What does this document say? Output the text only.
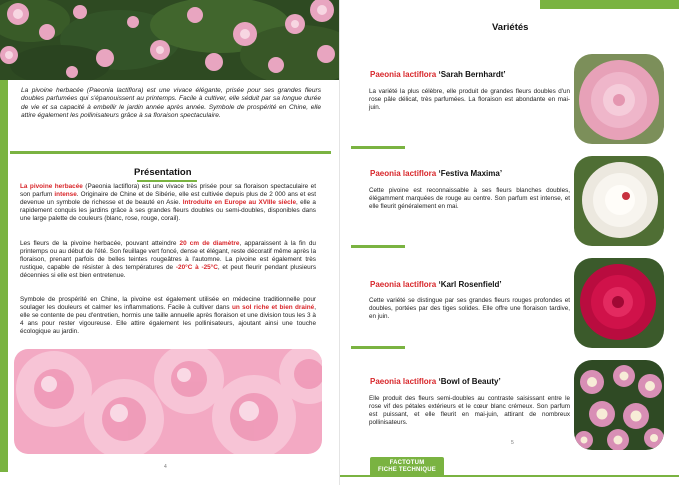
La pivoine herbacée (Paeonia lactiflora) est une vivace élégante, prisée pour ses grandes fleurs doubles parfumées qui s'épanouissent au printemps. Facile à cultiver, elle séduit par sa longue durée de vie et sa capacité à embellir le jardin année après année. Symbole de prospérité en Chine, elle attire également les pollinisateurs grâce à sa floraison spectaculaire.

Présentation

La pivoine herbacée (Paeonia lactiflora) est une vivace très prisée pour sa floraison spectaculaire et son parfum intense. Originaire de Chine et de Sibérie, elle est cultivée depuis plus de 2 000 ans et est devenue un symbole de richesse et de beauté en Asie. Introduite en Europe au XVIIIe siècle, elle a rapidement conquis les jardins grâce à ses grandes fleurs doubles ou semi-doubles, disponibles dans une large palette de couleurs (blanc, rose, rouge, corail).

Les fleurs de la pivoine herbacée, pouvant atteindre 20 cm de diamètre, apparaissent à la fin du printemps ou au début de l'été. Son feuillage vert foncé, dense et élégant, reste décoratif même après la floraison, prenant parfois de belles teintes rougeâtres à l'automne. La pivoine est également très rustique, capable de résister à des températures de -20°C à -25°C, et peut fleurir pendant plusieurs décennies si elle est bien entretenue.

Symbole de prospérité en Chine, la pivoine est également utilisée en médecine traditionnelle pour soulager les douleurs et calmer les inflammations. Facile à cultiver dans un sol riche et bien drainé, elle se contente de peu d'entretien, hormis une taille annuelle après floraison et une division tous les 3 à 4 ans pour rester vigoureuse. Elle attire également les pollinisateurs, ajoutant ainsi une touche écologique au jardin.

4
Variétés
Paeonia lactiflora ‘Sarah Bernhardt’

La variété la plus célèbre, elle produit de grandes fleurs doubles d'un rose pâle délicat, très parfumées. La floraison est abondante en mai-juin.

Paeonia lactiflora ‘Festiva Maxima’

Cette pivoine est reconnaissable à ses fleurs blanches doubles, élégamment marquées de rouge au centre. Son parfum est intense, et elle fleurit généralement en mai.

Paeonia lactiflora ‘Karl Rosenfield’

Cette variété se distingue par ses grandes fleurs rouges profondes et doubles, portées par des tiges solides. Elle offre une floraison tardive, en juin.

Paeonia lactiflora ‘Bowl of Beauty’

Elle produit des fleurs semi-doubles au contraste saisissant entre le rose vif des pétales extérieurs et le cœur blanc crémeux. Son parfum est puissant, et elle fleurit en mai-juin, attirant de nombreux pollinisateurs.

5
FACTOTUM
FICHE TECHNIQUE
